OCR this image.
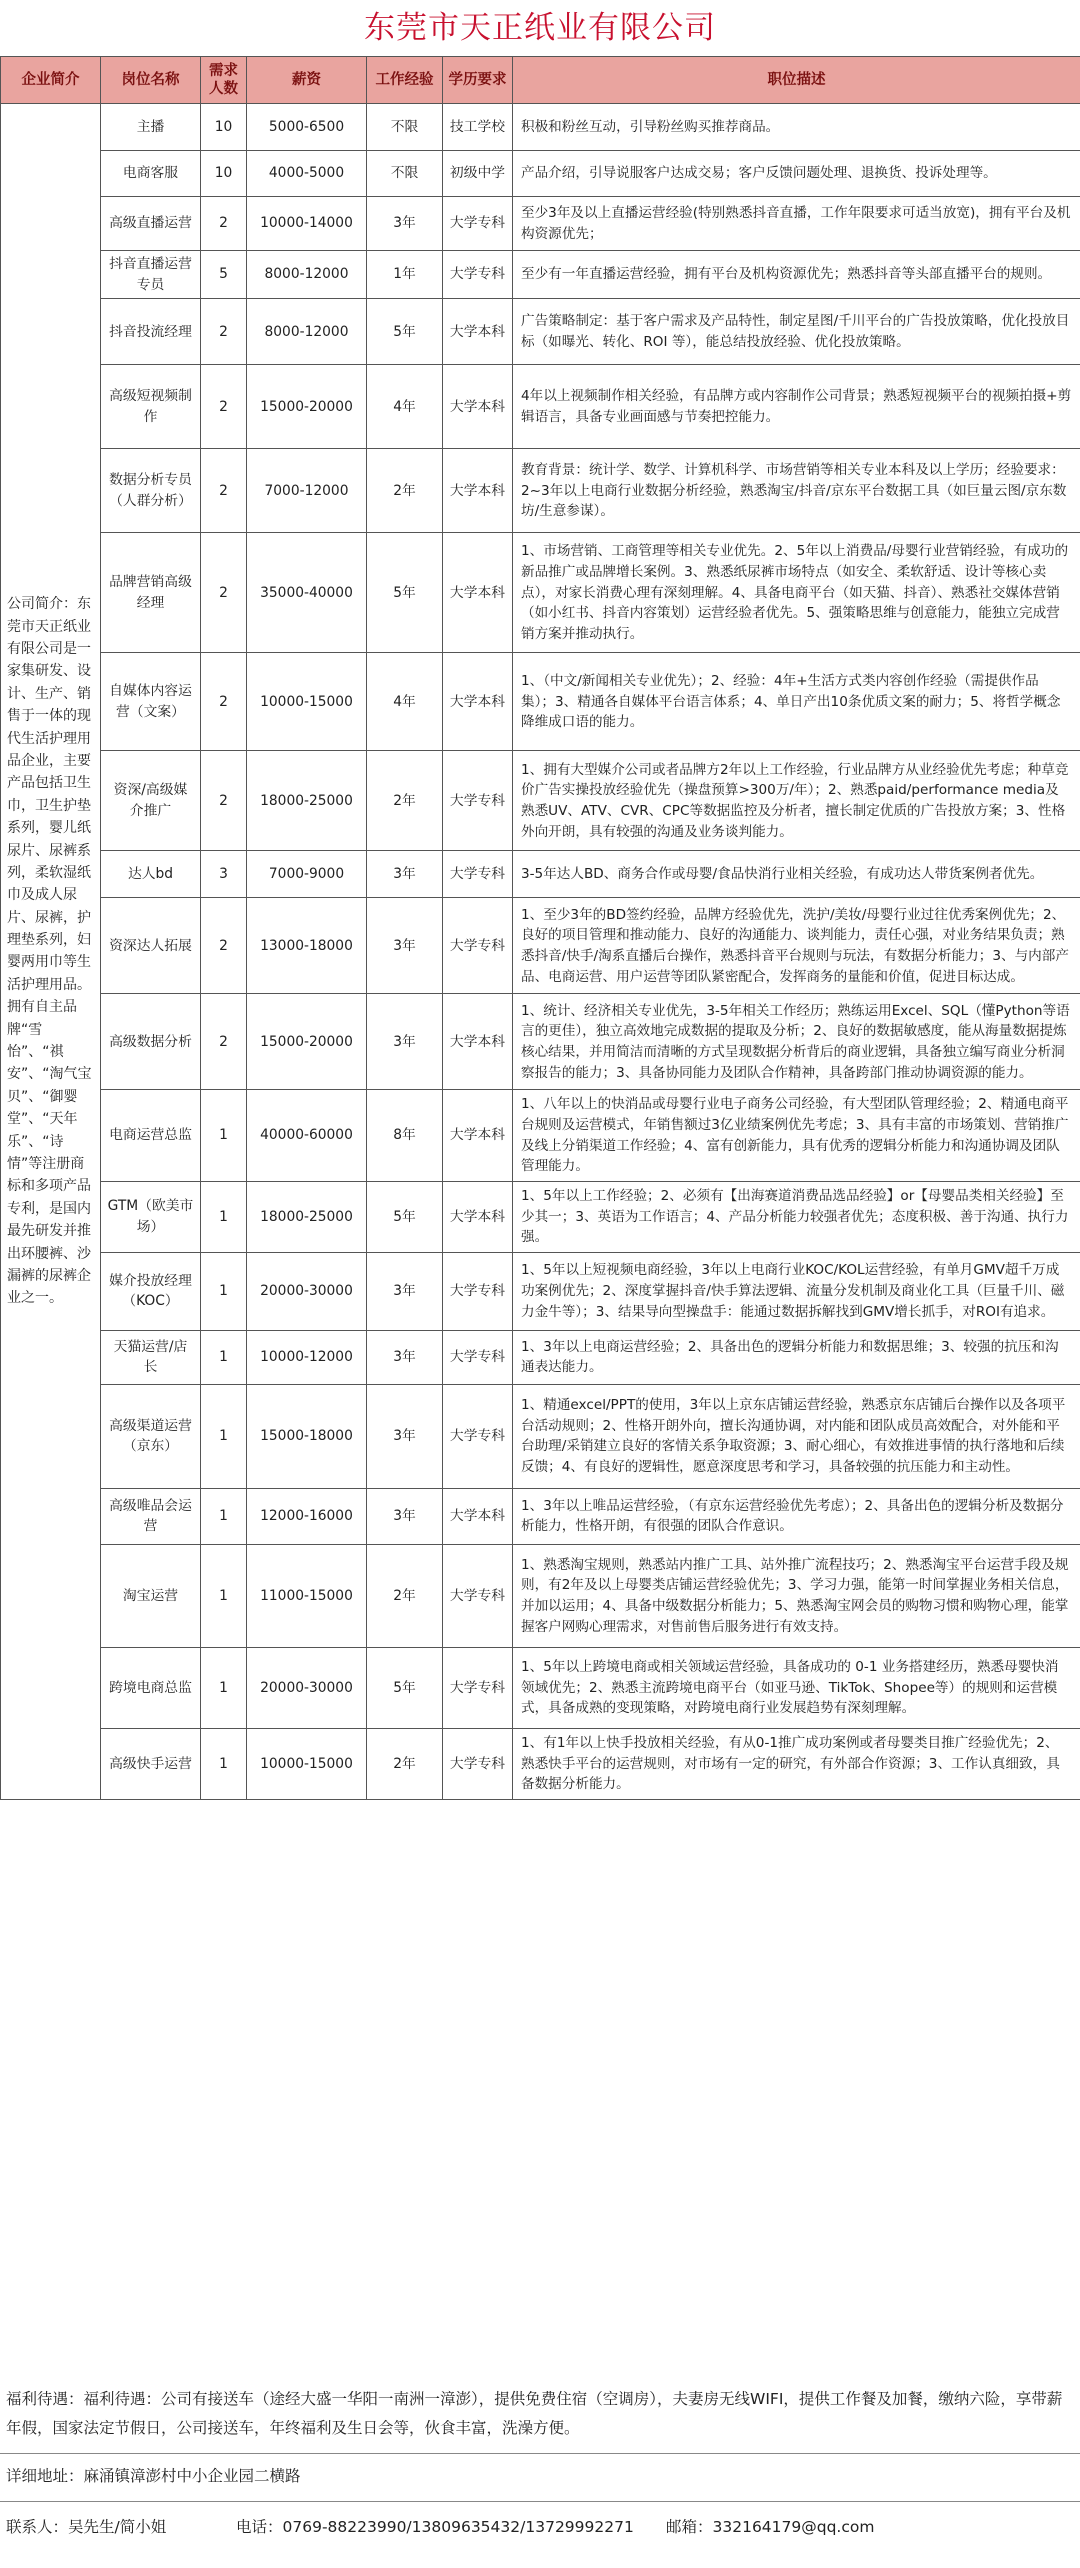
东莞市天正纸业有限公司
企业简介	岗位名称	需求人数	薪资	工作经验	学历要求	职位描述
公司简介：东莞市天正纸业有限公司是一家集研发、设计、生产、销售于一体的现代生活护理用品企业，主要产品包括卫生巾，卫生护垫系列，婴儿纸尿片、尿裤系列，柔软湿纸巾及成人尿片、尿裤，护理垫系列，妇婴两用巾等生活护理用品。拥有自主品牌“雪怡”、“祺安”、“淘气宝贝”、“御婴堂”、“天年乐”、“诗情”等注册商标和多项产品专利，是国内最先研发并推出环腰裤、沙漏裤的尿裤企业之一。	主播	10	5000-6500	不限	技工学校	积极和粉丝互动，引导粉丝购买推荐商品。
	电商客服	10	4000-5000	不限	初级中学	产品介绍，引导说服客户达成交易；客户反馈问题处理、退换货、投诉处理等。
	高级直播运营	2	10000-14000	3年	大学专科	至少3年及以上直播运营经验(特别熟悉抖音直播，工作年限要求可适当放宽)，拥有平台及机构资源优先；
	抖音直播运营专员	5	8000-12000	1年	大学专科	至少有一年直播运营经验，拥有平台及机构资源优先；熟悉抖音等头部直播平台的规则。
	抖音投流经理	2	8000-12000	5年	大学本科	广告策略制定：基于客户需求及产品特性，制定星图/千川平台的广告投放策略，优化投放目标（如曝光、转化、ROI 等），能总结投放经验、优化投放策略。
	高级短视频制作	2	15000-20000	4年	大学本科	4年以上视频制作相关经验，有品牌方或内容制作公司背景；熟悉短视频平台的视频拍摄+剪辑语言，具备专业画面感与节奏把控能力。
	数据分析专员（人群分析）	2	7000-12000	2年	大学本科	教育背景：统计学、数学、计算机科学、市场营销等相关专业本科及以上学历；经验要求：2~3年以上电商行业数据分析经验，熟悉淘宝/抖音/京东平台数据工具（如巨量云图/京东数坊/生意参谋）。
	品牌营销高级经理	2	35000-40000	5年	大学本科	1、市场营销、工商管理等相关专业优先。2、5年以上消费品/母婴行业营销经验，有成功的新品推广或品牌增长案例。3、熟悉纸尿裤市场特点（如安全、柔软舒适、设计等核心卖点），对家长消费心理有深刻理解。4、具备电商平台（如天猫、抖音）、熟悉社交媒体营销（如小红书、抖音内容策划）运营经验者优先。5、强策略思维与创意能力，能独立完成营销方案并推动执行。
	自媒体内容运营（文案）	2	10000-15000	4年	大学本科	1、（中文/新闻相关专业优先）；2、经验：4年+生活方式类内容创作经验（需提供作品集）；3、精通各自媒体平台语言体系；4、单日产出10条优质文案的耐力；5、将哲学概念降维成口语的能力。
	资深/高级媒介推广	2	18000-25000	2年	大学专科	1、拥有大型媒介公司或者品牌方2年以上工作经验，行业品牌方从业经验优先考虑；种草竞价广告实操投放经验优先（操盘预算>300万/年）；2、熟悉paid/performance media及熟悉UV、ATV、CVR、CPC等数据监控及分析者，擅长制定优质的广告投放方案；3、性格外向开朗，具有较强的沟通及业务谈判能力。
	达人bd	3	7000-9000	3年	大学专科	3-5年达人BD、商务合作或母婴/食品快消行业相关经验，有成功达人带货案例者优先。
	资深达人拓展	2	13000-18000	3年	大学专科	1、至少3年的BD签约经验，品牌方经验优先，洗护/美妆/母婴行业过往优秀案例优先；2、良好的项目管理和推动能力、良好的沟通能力、谈判能力，责任心强，对业务结果负责；熟悉抖音/快手/淘系直播后台操作，熟悉抖音平台规则与玩法，有数据分析能力；3、与内部产品、电商运营、用户运营等团队紧密配合，发挥商务的量能和价值，促进目标达成。
	高级数据分析	2	15000-20000	3年	大学本科	1、统计、经济相关专业优先，3-5年相关工作经历；熟练运用Excel、SQL（懂Python等语言的更佳），独立高效地完成数据的提取及分析；2、良好的数据敏感度，能从海量数据提炼核心结果，并用简洁而清晰的方式呈现数据分析背后的商业逻辑，具备独立编写商业分析洞察报告的能力；3、具备协同能力及团队合作精神，具备跨部门推动协调资源的能力。
	电商运营总监	1	40000-60000	8年	大学本科	1、八年以上的快消品或母婴行业电子商务公司经验，有大型团队管理经验；2、精通电商平台规则及运营模式，年销售额过3亿业绩案例优先考虑；3、具有丰富的市场策划、营销推广及线上分销渠道工作经验；4、富有创新能力，具有优秀的逻辑分析能力和沟通协调及团队管理能力。
	GTM（欧美市场）	1	18000-25000	5年	大学本科	1、5年以上工作经验；2、必须有【出海赛道消费品选品经验】or【母婴品类相关经验】至少其一；3、英语为工作语言；4、产品分析能力较强者优先；态度积极、善于沟通、执行力强。
	媒介投放经理（KOC）	1	20000-30000	3年	大学专科	1、5年以上短视频电商经验，3年以上电商行业KOC/KOL运营经验，有单月GMV超千万成功案例优先；2、深度掌握抖音/快手算法逻辑、流量分发机制及商业化工具（巨量千川、磁力金牛等）；3、结果导向型操盘手：能通过数据拆解找到GMV增长抓手，对ROI有追求。
	天猫运营/店长	1	10000-12000	3年	大学专科	1、3年以上电商运营经验；2、具备出色的逻辑分析能力和数据思维；3、较强的抗压和沟通表达能力。
	高级渠道运营（京东）	1	15000-18000	3年	大学专科	1、精通excel/PPT的使用，3年以上京东店铺运营经验，熟悉京东店铺后台操作以及各项平台活动规则；2、性格开朗外向，擅长沟通协调，对内能和团队成员高效配合，对外能和平台助理/采销建立良好的客情关系争取资源；3、耐心细心，有效推进事情的执行落地和后续反馈；4、有良好的逻辑性，愿意深度思考和学习，具备较强的抗压能力和主动性。
	高级唯品会运营	1	12000-16000	3年	大学本科	1、3年以上唯品运营经验，（有京东运营经验优先考虑）；2、具备出色的逻辑分析及数据分析能力，性格开朗，有很强的团队合作意识。
	淘宝运营	1	11000-15000	2年	大学专科	1、熟悉淘宝规则，熟悉站内推广工具、站外推广流程技巧；2、熟悉淘宝平台运营手段及规则，有2年及以上母婴类店铺运营经验优先；3、学习力强，能第一时间掌握业务相关信息，并加以运用；4、具备中级数据分析能力；5、熟悉淘宝网会员的购物习惯和购物心理，能掌握客户网购心理需求，对售前售后服务进行有效支持。
	跨境电商总监	1	20000-30000	5年	大学专科	1、5年以上跨境电商或相关领域运营经验，具备成功的 0-1 业务搭建经历，熟悉母婴快消领域优先；2、熟悉主流跨境电商平台（如亚马逊、TikTok、Shopee等）的规则和运营模式，具备成熟的变现策略，对跨境电商行业发展趋势有深刻理解。
	高级快手运营	1	10000-15000	2年	大学专科	1、有1年以上快手投放相关经验，有从0-1推广成功案例或者母婴类目推广经验优先；2、熟悉快手平台的运营规则，对市场有一定的研究，有外部合作资源；3、工作认真细致，具备数据分析能力。
福利待遇：福利待遇：公司有接送车（途经大盛一华阳一南洲一漳澎），提供免费住宿（空调房），夫妻房无线WIFI，提供工作餐及加餐，缴纳六险，享带薪年假，国家法定节假日，公司接送车，年终福利及生日会等，伙食丰富，洗澡方便。
详细地址：麻涌镇漳澎村中小企业园二横路
联系人：吴先生/简小姐	电话：0769-88223990/13809635432/13729992271	邮箱：332164179@qq.com
